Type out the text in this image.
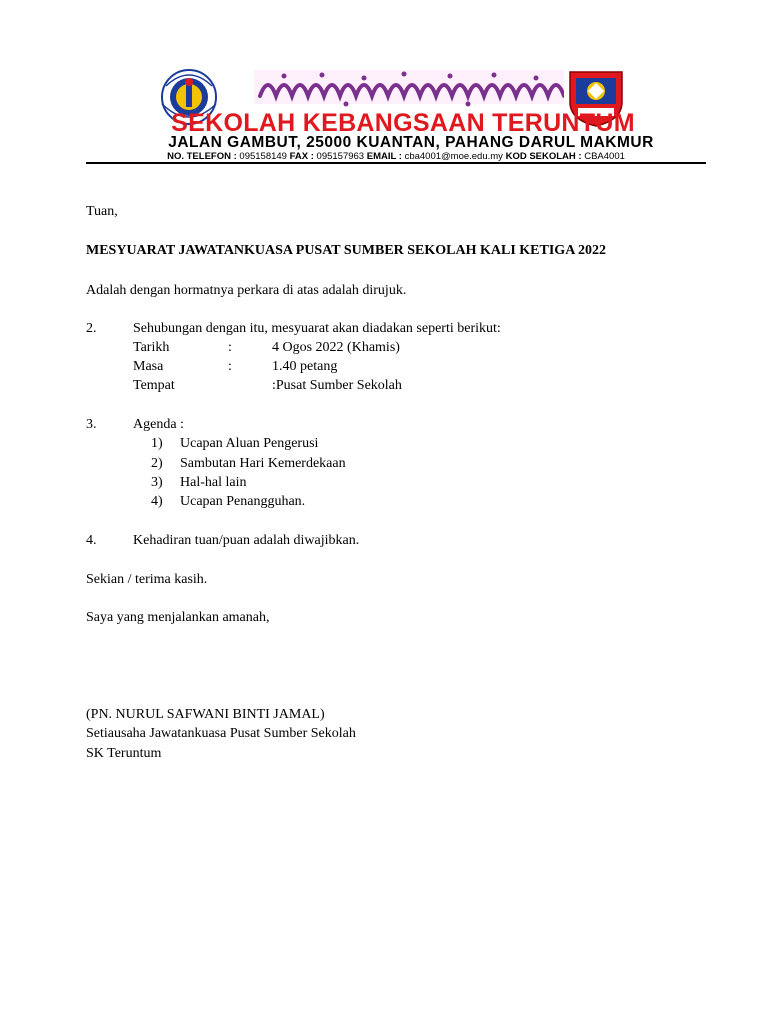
SEKOLAH KEBANGSAAN TERUNTUM
JALAN GAMBUT, 25000 KUANTAN, PAHANG DARUL MAKMUR
NO. TELEFON : 095158149 FAX : 095157963 EMAIL : cba4001@moe.edu.my KOD SEKOLAH : CBA4001
Tuan,
MESYUARAT JAWATANKUASA PUSAT SUMBER SEKOLAH KALI KETIGA 2022
Adalah dengan hormatnya perkara di atas adalah dirujuk.
2.	Sehubungan dengan itu, mesyuarat akan diadakan seperti berikut:
Tarikh	:	4 Ogos 2022 (Khamis)
Masa	:	1.40 petang
Tempat	:Pusat Sumber Sekolah
3.	Agenda :
1) Ucapan Aluan Pengerusi
2) Sambutan Hari Kemerdekaan
3) Hal-hal lain
4) Ucapan Penangguhan.
4.	Kehadiran tuan/puan adalah diwajibkan.
Sekian / terima kasih.
Saya yang menjalankan amanah,
(PN. NURUL SAFWANI BINTI JAMAL)
Setiausaha Jawatankuasa Pusat Sumber Sekolah
SK Teruntum
